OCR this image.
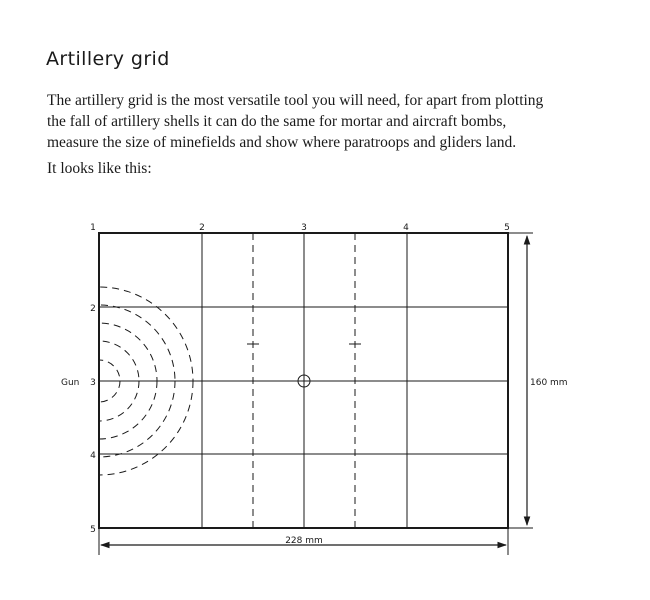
Artillery grid

The artillery grid is the most versatile tool you will need, for apart from plotting
the fall of artillery shells it can do the same for mortar and aircraft bombs,
measure the size of minefields and show where paratroops and gliders land.

It looks like this:

1	2	3	4	5
2
3
4
5
Gun	160 mm
228 mm
